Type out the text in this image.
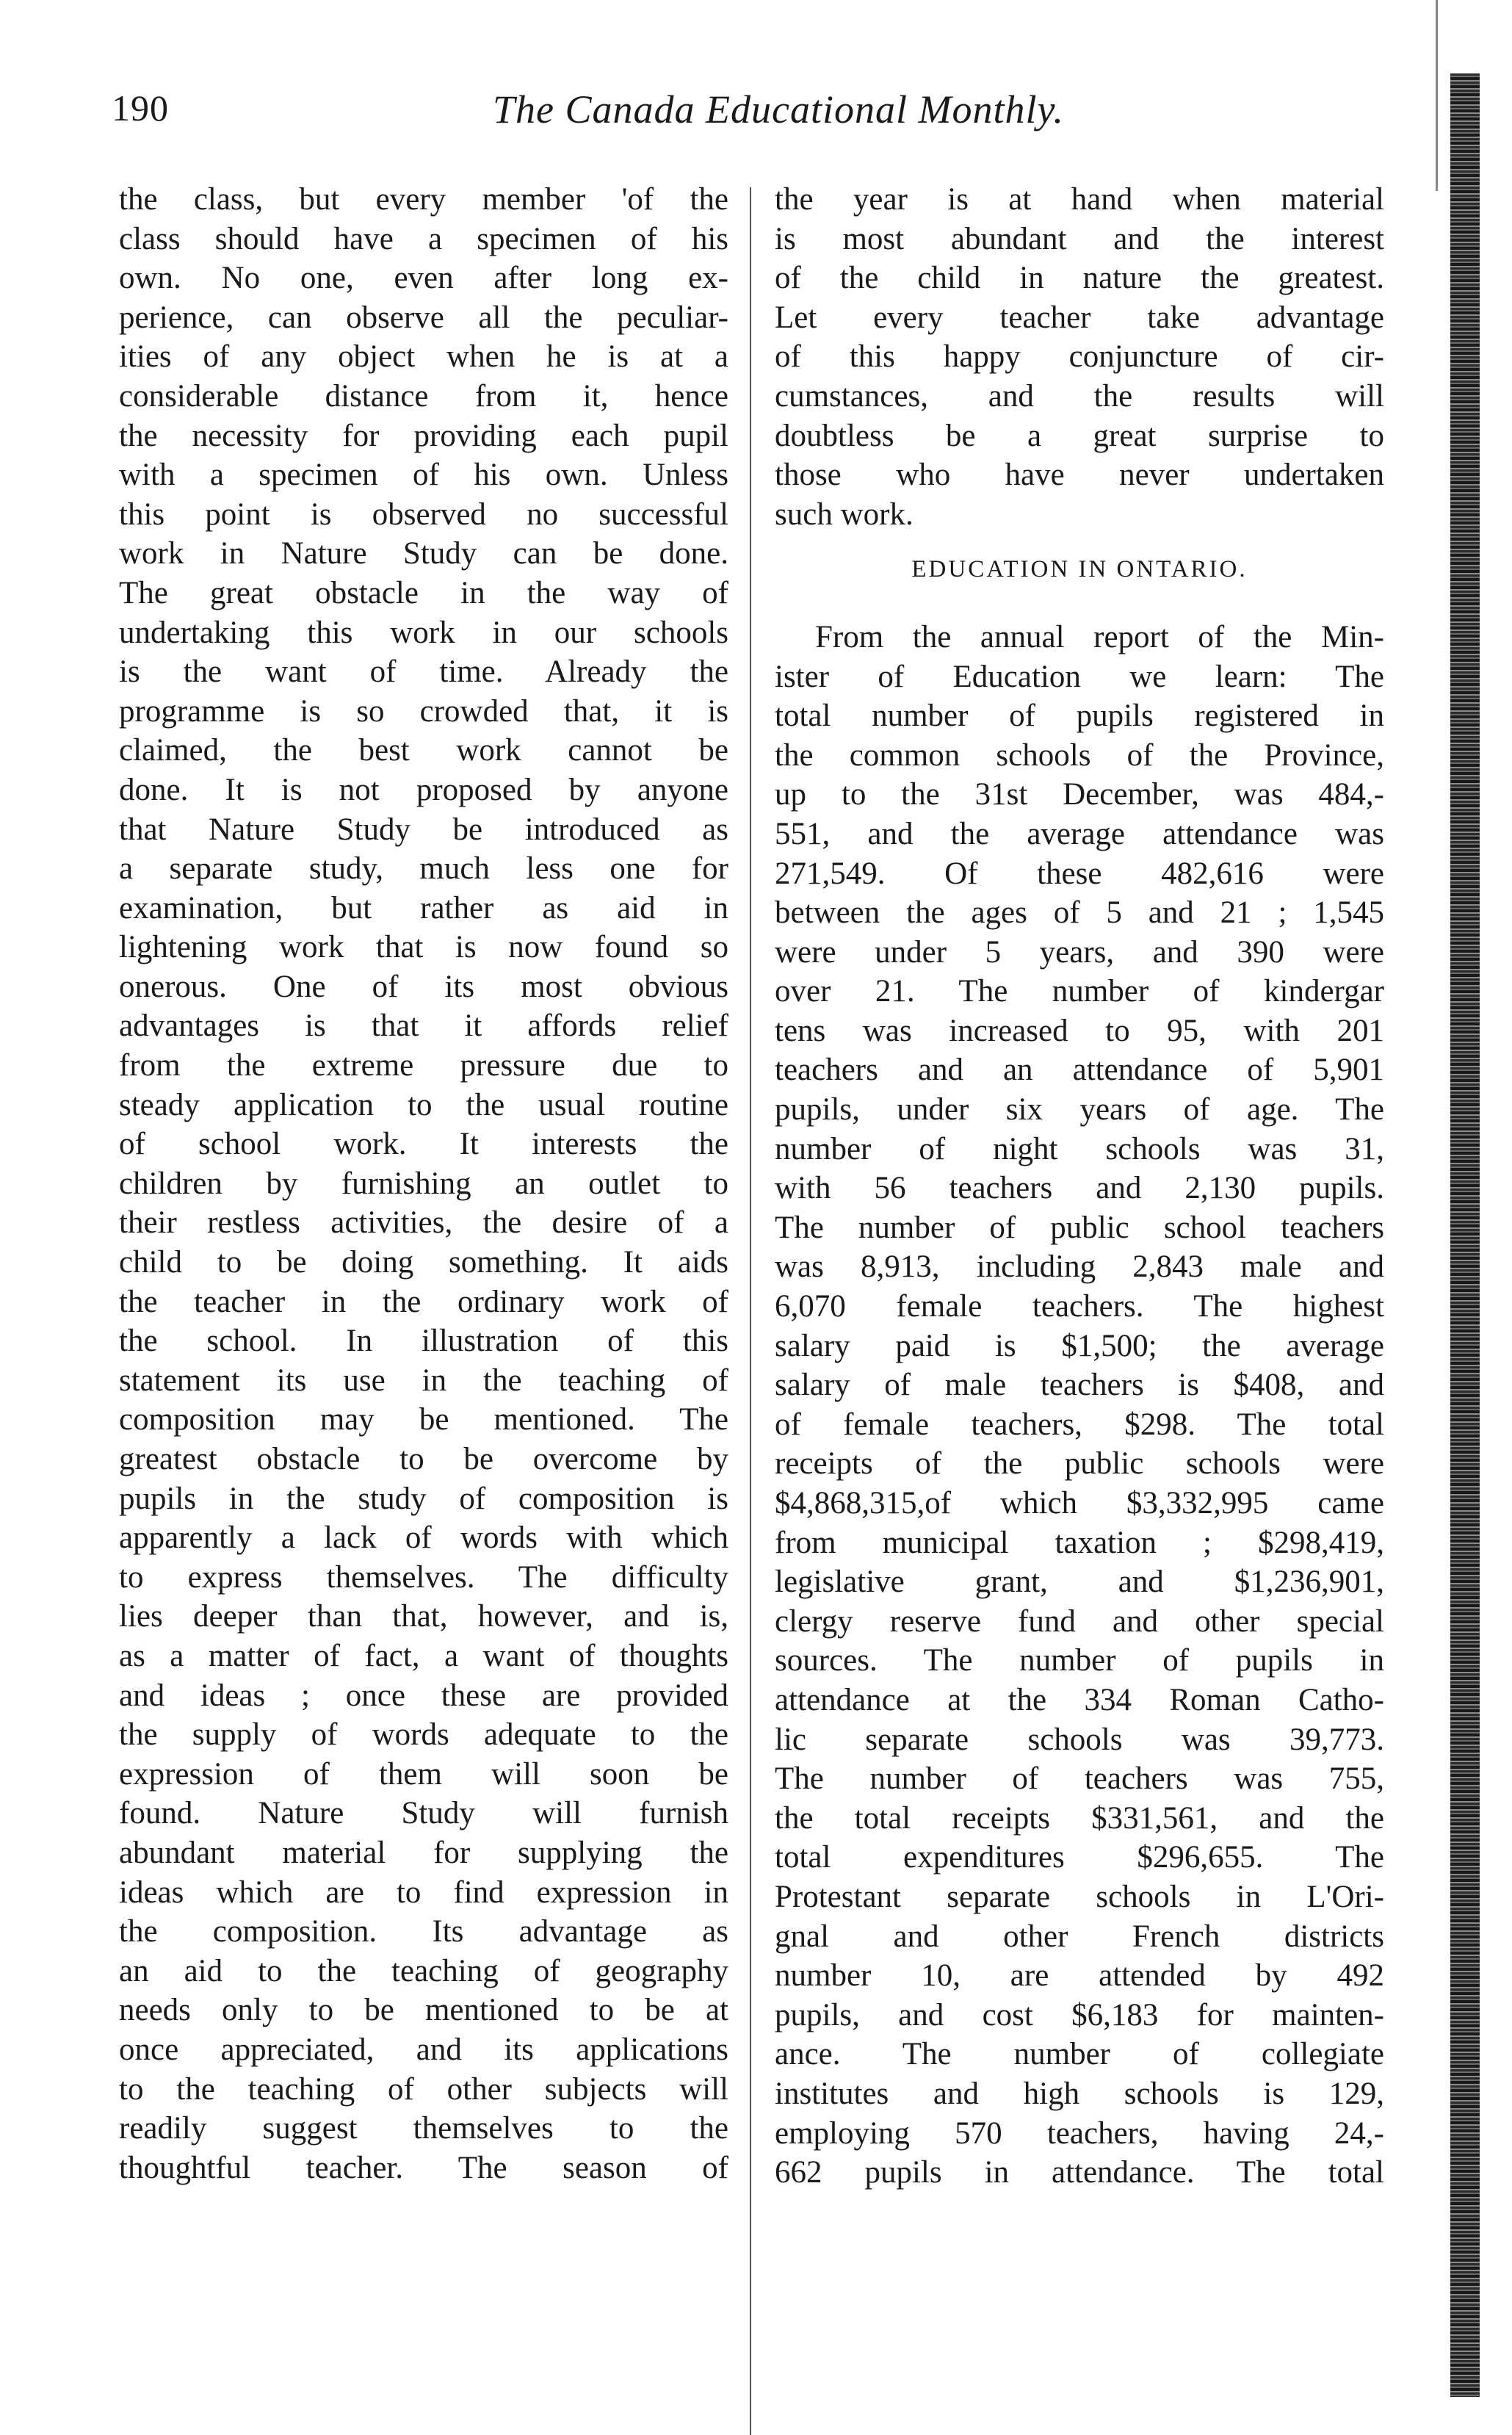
190	The Canada Educational Monthly.
the class, but every member 'of the
class should have a specimen of his
own. No one, even after long ex-
perience, can observe all the peculiar-
ities of any object when he is at a
considerable distance from it, hence
the necessity for providing each pupil
with a specimen of his own. Unless
this point is observed no successful
work in Nature Study can be done.
The great obstacle in the way of
undertaking this work in our schools
is the want of time. Already the
programme is so crowded that, it is
claimed, the best work cannot be
done. It is not proposed by anyone
that Nature Study be introduced as
a separate study, much less one for
examination, but rather as aid in
lightening work that is now found so
onerous. One of its most obvious
advantages is that it affords relief
from the extreme pressure due to
steady application to the usual routine
of school work. It interests the
children by furnishing an outlet to
their restless activities, the desire of a
child to be doing something. It aids
the teacher in the ordinary work of
the school. In illustration of this
statement its use in the teaching of
composition may be mentioned. The
greatest obstacle to be overcome by
pupils in the study of composition is
apparently a lack of words with which
to express themselves. The difficulty
lies deeper than that, however, and is,
as a matter of fact, a want of thoughts
and ideas ; once these are provided
the supply of words adequate to the
expression of them will soon be
found. Nature Study will furnish
abundant material for supplying the
ideas which are to find expression in
the composition. Its advantage as
an aid to the teaching of geography
needs only to be mentioned to be at
once appreciated, and its applications
to the teaching of other subjects will
readily suggest themselves to the
thoughtful teacher. The season of
the year is at hand when material
is most abundant and the interest
of the child in nature the greatest.
Let every teacher take advantage
of this happy conjuncture of cir-
cumstances, and the results will
doubtless be a great surprise to
those who have never undertaken
such work.
EDUCATION IN ONTARIO.
From the annual report of the Min-
ister of Education we learn: The
total number of pupils registered in
the common schools of the Province,
up to the 31st December, was 484,-
551, and the average attendance was
271,549. Of these 482,616 were
between the ages of 5 and 21 ; 1,545
were under 5 years, and 390 were
over 21. The number of kindergar
tens was increased to 95, with 201
teachers and an attendance of 5,901
pupils, under six years of age. The
number of night schools was 31,
with 56 teachers and 2,130 pupils.
The number of public school teachers
was 8,913, including 2,843 male and
6,070 female teachers. The highest
salary paid is $1,500; the average
salary of male teachers is $408, and
of female teachers, $298. The total
receipts of the public schools were
$4,868,315,of which $3,332,995 came
from municipal taxation ; $298,419,
legislative grant, and $1,236,901,
clergy reserve fund and other special
sources. The number of pupils in
attendance at the 334 Roman Catho-
lic separate schools was 39,773.
The number of teachers was 755,
the total receipts $331,561, and the
total expenditures $296,655. The
Protestant separate schools in L'Ori-
gnal and other French districts
number 10, are attended by 492
pupils, and cost $6,183 for mainten-
ance. The number of collegiate
institutes and high schools is 129,
employing 570 teachers, having 24,-
662 pupils in attendance. The total
